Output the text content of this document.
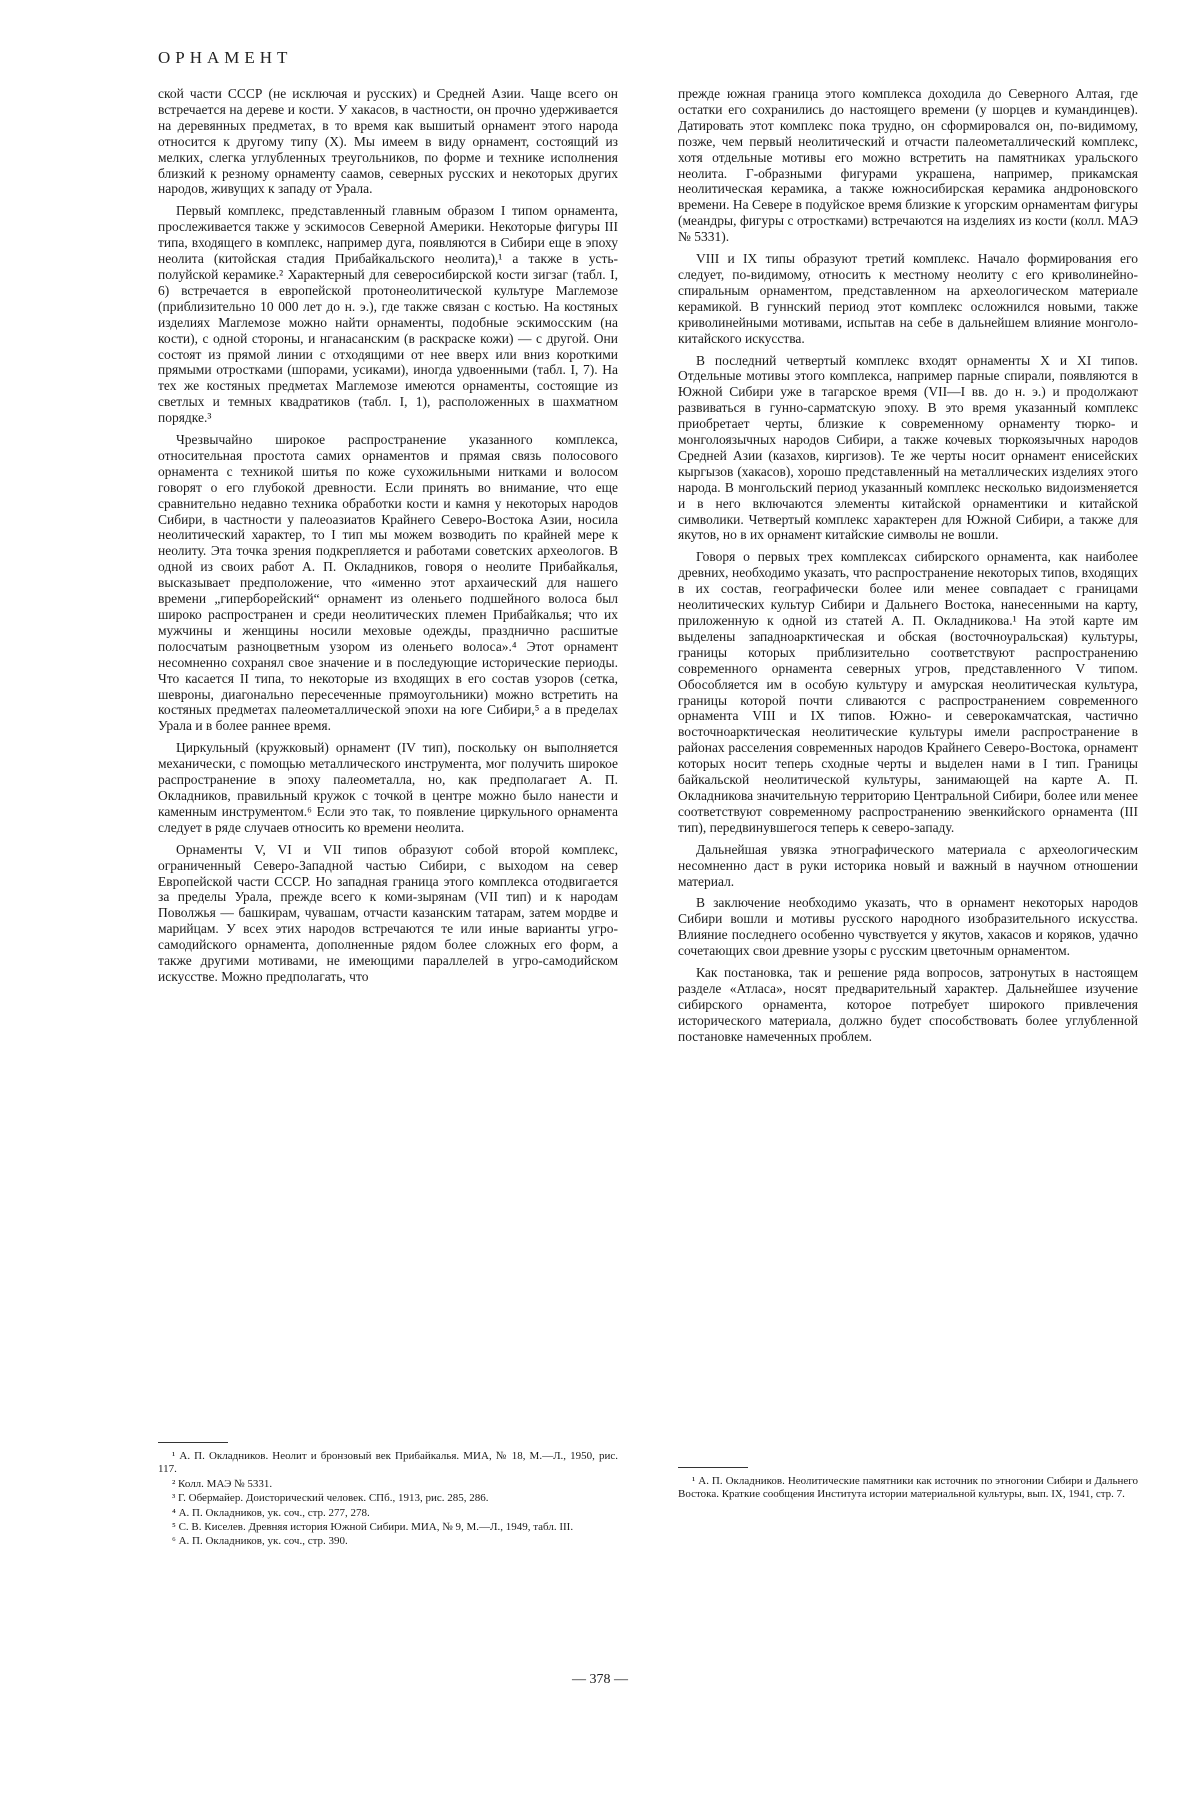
ОРНАМЕНТ

ской части СССР (не исключая и русских) и Средней Азии. Чаще всего он встречается на дереве и кости. У хакасов, в частности, он прочно удерживается на деревянных предметах, в то время как вышитый орнамент этого народа относится к другому типу (X). Мы имеем в виду орнамент, состоящий из мелких, слегка углубленных треугольников, по форме и технике исполнения близкий к резному орнаменту саамов, северных русских и некоторых других народов, живущих к западу от Урала.

Первый комплекс, представленный главным образом I типом орнамента, прослеживается также у эскимосов Северной Америки. Некоторые фигуры III типа, входящего в комплекс, например дуга, появляются в Сибири еще в эпоху неолита (китойская стадия Прибайкальского неолита),¹ а также в усть-полуйской керамике.² Характерный для северосибирской кости зигзаг (табл. I, 6) встречается в европейской протонеолитической культуре Маглемозе (приблизительно 10 000 лет до н. э.), где также связан с костью. На костяных изделиях Маглемозе можно найти орнаменты, подобные эскимосским (на кости), с одной стороны, и нганасанским (в раскраске кожи) — с другой. Они состоят из прямой линии с отходящими от нее вверх или вниз короткими прямыми отростками (шпорами, усиками), иногда удвоенными (табл. I, 7). На тех же костяных предметах Маглемозе имеются орнаменты, состоящие из светлых и темных квадратиков (табл. I, 1), расположенных в шахматном порядке.³

Чрезвычайно широкое распространение указанного комплекса, относительная простота самих орнаментов и прямая связь полосового орнамента с техникой шитья по коже сухожильными нитками и волосом говорят о его глубокой древности. Если принять во внимание, что еще сравнительно недавно техника обработки кости и камня у некоторых народов Сибири, в частности у палеоазиатов Крайнего Северо-Востока Азии, носила неолитический характер, то I тип мы можем возводить по крайней мере к неолиту. Эта точка зрения подкрепляется и работами советских археологов. В одной из своих работ А. П. Окладников, говоря о неолите Прибайкалья, высказывает предположение, что «именно этот архаический для нашего времени „гиперборейский“ орнамент из оленьего подшейного волоса был широко распространен и среди неолитических племен Прибайкалья; что их мужчины и женщины носили меховые одежды, празднично расшитые полосчатым разноцветным узором из оленьего волоса».⁴ Этот орнамент несомненно сохранял свое значение и в последующие исторические периоды. Что касается II типа, то некоторые из входящих в его состав узоров (сетка, шевроны, диагонально пересеченные прямоугольники) можно встретить на костяных предметах палеометаллической эпохи на юге Сибири,⁵ а в пределах Урала и в более раннее время.

Циркульный (кружковый) орнамент (IV тип), поскольку он выполняется механически, с помощью металлического инструмента, мог получить широкое распространение в эпоху палеометалла, но, как предполагает А. П. Окладников, правильный кружок с точкой в центре можно было нанести и каменным инструментом.⁶ Если это так, то появление циркульного орнамента следует в ряде случаев относить ко времени неолита.

Орнаменты V, VI и VII типов образуют собой второй комплекс, ограниченный Северо-Западной частью Сибири, с выходом на север Европейской части СССР. Но западная граница этого комплекса отодвигается за пределы Урала, прежде всего к коми-зырянам (VII тип) и к народам Поволжья — башкирам, чувашам, отчасти казанским татарам, затем мордве и марийцам. У всех этих народов встречаются те или иные варианты угро-самодийского орнамента, дополненные рядом более сложных его форм, а также другими мотивами, не имеющими параллелей в угро-самодийском искусстве. Можно предполагать, что

прежде южная граница этого комплекса доходила до Северного Алтая, где остатки его сохранились до настоящего времени (у шорцев и кумандинцев). Датировать этот комплекс пока трудно, он сформировался он, по-видимому, позже, чем первый неолитический и отчасти палеометаллический комплекс, хотя отдельные мотивы его можно встретить на памятниках уральского неолита. Г-образными фигурами украшена, например, прикамская неолитическая керамика, а также южносибирская керамика андроновского времени. На Севере в подуйское время близкие к угорским орнаментам фигуры (меандры, фигуры с отростками) встречаются на изделиях из кости (колл. МАЭ № 5331).

VIII и IX типы образуют третий комплекс. Начало формирования его следует, по-видимому, относить к местному неолиту с его криволинейно-спиральным орнаментом, представленном на археологическом материале керамикой. В гуннский период этот комплекс осложнился новыми, также криволинейными мотивами, испытав на себе в дальнейшем влияние монголо-китайского искусства.

В последний четвертый комплекс входят орнаменты X и XI типов. Отдельные мотивы этого комплекса, например парные спирали, появляются в Южной Сибири уже в тагарское время (VII—I вв. до н. э.) и продолжают развиваться в гунно-сарматскую эпоху. В это время указанный комплекс приобретает черты, близкие к современному орнаменту тюрко- и монголоязычных народов Сибири, а также кочевых тюркоязычных народов Средней Азии (казахов, киргизов). Те же черты носит орнамент енисейских кыргызов (хакасов), хорошо представленный на металлических изделиях этого народа. В монгольский период указанный комплекс несколько видоизменяется и в него включаются элементы китайской орнаментики и китайской символики. Четвертый комплекс характерен для Южной Сибири, а также для якутов, но в их орнамент китайские символы не вошли.

Говоря о первых трех комплексах сибирского орнамента, как наиболее древних, необходимо указать, что распространение некоторых типов, входящих в их состав, географически более или менее совпадает с границами неолитических культур Сибири и Дальнего Востока, нанесенными на карту, приложенную к одной из статей А. П. Окладникова.¹ На этой карте им выделены западноарктическая и обская (восточноуральская) культуры, границы которых приблизительно соответствуют распространению современного орнамента северных угров, представленного V типом. Обособляется им в особую культуру и амурская неолитическая культура, границы которой почти сливаются с распространением современного орнамента VIII и IX типов. Южно- и северокамчатская, частично восточноарктическая неолитические культуры имели распространение в районах расселения современных народов Крайнего Северо-Востока, орнамент которых носит теперь сходные черты и выделен нами в I тип. Границы байкальской неолитической культуры, занимающей на карте А. П. Окладникова значительную территорию Центральной Сибири, более или менее соответствуют современному распространению эвенкийского орнамента (III тип), передвинувшегося теперь к северо-западу.

Дальнейшая увязка этнографического материала с археологическим несомненно даст в руки историка новый и важный в научном отношении материал.

В заключение необходимо указать, что в орнамент некоторых народов Сибири вошли и мотивы русского народного изобразительного искусства. Влияние последнего особенно чувствуется у якутов, хакасов и коряков, удачно сочетающих свои древние узоры с русским цветочным орнаментом.

Как постановка, так и решение ряда вопросов, затронутых в настоящем разделе «Атласа», носят предварительный характер. Дальнейшее изучение сибирского орнамента, которое потребует широкого привлечения исторического материала, должно будет способствовать более углубленной постановке намеченных проблем.

¹ А. П. Окладников. Неолит и бронзовый век Прибайкалья. МИА, № 18, М.—Л., 1950, рис. 117.

² Колл. МАЭ № 5331.

³ Г. Обермайер. Доисторический человек. СПб., 1913, рис. 285, 286.

⁴ А. П. Окладников, ук. соч., стр. 277, 278.

⁵ С. В. Киселев. Древняя история Южной Сибири. МИА, № 9, М.—Л., 1949, табл. III.

⁶ А. П. Окладников, ук. соч., стр. 390.

¹ А. П. Окладников. Неолитические памятники как источник по этногонии Сибири и Дальнего Востока. Краткие сообщения Института истории материальной культуры, вып. IX, 1941, стр. 7.

— 378 —
